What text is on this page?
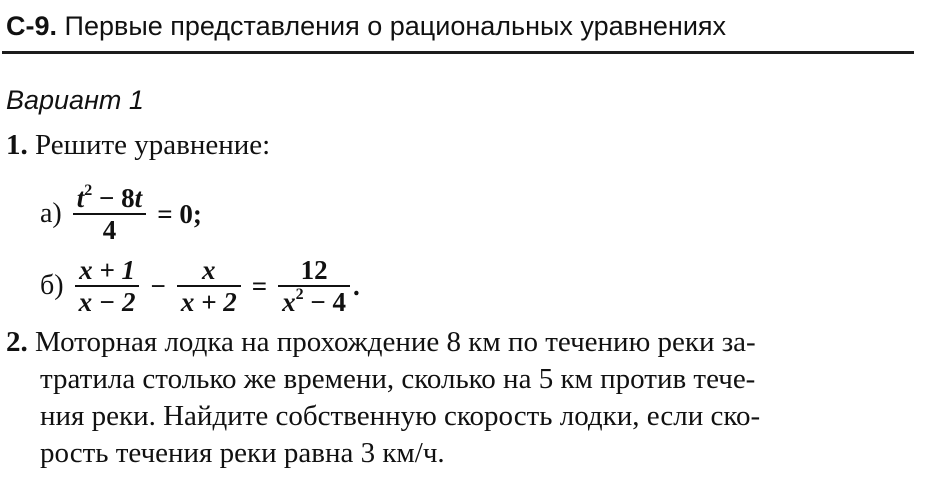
С-9. Первые представления о рациональных уравнениях
Вариант 1
1. Решите уравнение:
$а) \frac{t^2 - 8t}{4} = 0$;
$б) \frac{x + 1}{x - 2} - \frac{x}{x + 2} = \frac{12}{x^2 - 4}$ .
2. Моторная лодка на прохождение 8 км по течению реки за-
тратила столько же времени, сколько на 5 км против тече-
ния реки. Найдите собственную скорость лодки, если ско-
рость течения реки равна 3 км/ч.
